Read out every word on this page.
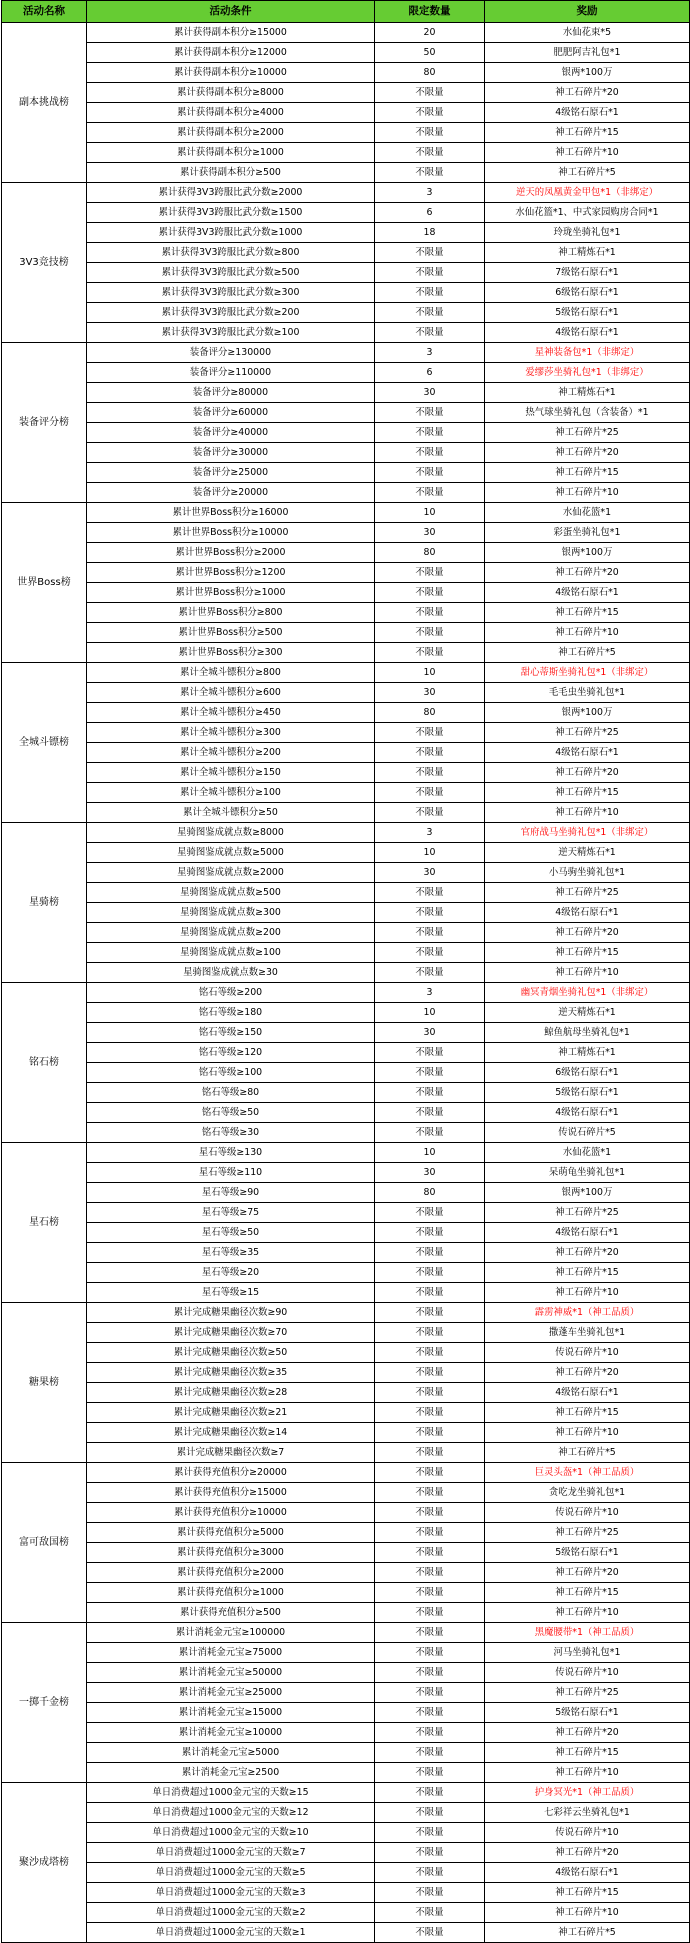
活动名称	活动条件	限定数量	奖励
副本挑战榜	累计获得副本积分≥15000	20	水仙花束*5
	累计获得副本积分≥12000	50	肥肥阿吉礼包*1
	累计获得副本积分≥10000	80	银两*100万
	累计获得副本积分≥8000	不限量	神工石碎片*20
	累计获得副本积分≥4000	不限量	4级铭石原石*1
	累计获得副本积分≥2000	不限量	神工石碎片*15
	累计获得副本积分≥1000	不限量	神工石碎片*10
	累计获得副本积分≥500	不限量	神工石碎片*5
3V3竞技榜	累计获得3V3跨服比武分数≥2000	3	逆天的凤凰黄金甲包*1（非绑定）
	累计获得3V3跨服比武分数≥1500	6	水仙花篮*1、中式家园购房合同*1
	累计获得3V3跨服比武分数≥1000	18	玲珑坐骑礼包*1
	累计获得3V3跨服比武分数≥800	不限量	神工精炼石*1
	累计获得3V3跨服比武分数≥500	不限量	7级铭石原石*1
	累计获得3V3跨服比武分数≥300	不限量	6级铭石原石*1
	累计获得3V3跨服比武分数≥200	不限量	5级铭石原石*1
	累计获得3V3跨服比武分数≥100	不限量	4级铭石原石*1
装备评分榜	装备评分≥130000	3	星神装备包*1（非绑定）
	装备评分≥110000	6	爱缪莎坐骑礼包*1（非绑定）
	装备评分≥80000	30	神工精炼石*1
	装备评分≥60000	不限量	热气球坐骑礼包（含装备）*1
	装备评分≥40000	不限量	神工石碎片*25
	装备评分≥30000	不限量	神工石碎片*20
	装备评分≥25000	不限量	神工石碎片*15
	装备评分≥20000	不限量	神工石碎片*10
世界Boss榜	累计世界Boss积分≥16000	10	水仙花篮*1
	累计世界Boss积分≥10000	30	彩蛋坐骑礼包*1
	累计世界Boss积分≥2000	80	银两*100万
	累计世界Boss积分≥1200	不限量	神工石碎片*20
	累计世界Boss积分≥1000	不限量	4级铭石原石*1
	累计世界Boss积分≥800	不限量	神工石碎片*15
	累计世界Boss积分≥500	不限量	神工石碎片*10
	累计世界Boss积分≥300	不限量	神工石碎片*5
全城斗镖榜	累计全城斗镖积分≥800	10	甜心蒂斯坐骑礼包*1（非绑定）
	累计全城斗镖积分≥600	30	毛毛虫坐骑礼包*1
	累计全城斗镖积分≥450	80	银两*100万
	累计全城斗镖积分≥300	不限量	神工石碎片*25
	累计全城斗镖积分≥200	不限量	4级铭石原石*1
	累计全城斗镖积分≥150	不限量	神工石碎片*20
	累计全城斗镖积分≥100	不限量	神工石碎片*15
	累计全城斗镖积分≥50	不限量	神工石碎片*10
星骑榜	星骑图鉴成就点数≥8000	3	官府战马坐骑礼包*1（非绑定）
	星骑图鉴成就点数≥5000	10	逆天精炼石*1
	星骑图鉴成就点数≥2000	30	小马驹坐骑礼包*1
	星骑图鉴成就点数≥500	不限量	神工石碎片*25
	星骑图鉴成就点数≥300	不限量	4级铭石原石*1
	星骑图鉴成就点数≥200	不限量	神工石碎片*20
	星骑图鉴成就点数≥100	不限量	神工石碎片*15
	星骑图鉴成就点数≥30	不限量	神工石碎片*10
铭石榜	铭石等级≥200	3	幽冥青烟坐骑礼包*1（非绑定）
	铭石等级≥180	10	逆天精炼石*1
	铭石等级≥150	30	鲸鱼航母坐骑礼包*1
	铭石等级≥120	不限量	神工精炼石*1
	铭石等级≥100	不限量	6级铭石原石*1
	铭石等级≥80	不限量	5级铭石原石*1
	铭石等级≥50	不限量	4级铭石原石*1
	铭石等级≥30	不限量	传说石碎片*5
星石榜	星石等级≥130	10	水仙花篮*1
	星石等级≥110	30	呆萌龟坐骑礼包*1
	星石等级≥90	80	银两*100万
	星石等级≥75	不限量	神工石碎片*25
	星石等级≥50	不限量	4级铭石原石*1
	星石等级≥35	不限量	神工石碎片*20
	星石等级≥20	不限量	神工石碎片*15
	星石等级≥15	不限量	神工石碎片*10
糖果榜	累计完成糖果幽径次数≥90	不限量	霹雳神威*1（神工品质）
	累计完成糖果幽径次数≥70	不限量	撒蓬车坐骑礼包*1
	累计完成糖果幽径次数≥50	不限量	传说石碎片*10
	累计完成糖果幽径次数≥35	不限量	神工石碎片*20
	累计完成糖果幽径次数≥28	不限量	4级铭石原石*1
	累计完成糖果幽径次数≥21	不限量	神工石碎片*15
	累计完成糖果幽径次数≥14	不限量	神工石碎片*10
	累计完成糖果幽径次数≥7	不限量	神工石碎片*5
富可敌国榜	累计获得充值积分≥20000	不限量	巨灵头盔*1（神工品质）
	累计获得充值积分≥15000	不限量	贪吃龙坐骑礼包*1
	累计获得充值积分≥10000	不限量	传说石碎片*10
	累计获得充值积分≥5000	不限量	神工石碎片*25
	累计获得充值积分≥3000	不限量	5级铭石原石*1
	累计获得充值积分≥2000	不限量	神工石碎片*20
	累计获得充值积分≥1000	不限量	神工石碎片*15
	累计获得充值积分≥500	不限量	神工石碎片*10
一掷千金榜	累计消耗金元宝≥100000	不限量	黑魔腰带*1（神工品质）
	累计消耗金元宝≥75000	不限量	河马坐骑礼包*1
	累计消耗金元宝≥50000	不限量	传说石碎片*10
	累计消耗金元宝≥25000	不限量	神工石碎片*25
	累计消耗金元宝≥15000	不限量	5级铭石原石*1
	累计消耗金元宝≥10000	不限量	神工石碎片*20
	累计消耗金元宝≥5000	不限量	神工石碎片*15
	累计消耗金元宝≥2500	不限量	神工石碎片*10
聚沙成塔榜	单日消费超过1000金元宝的天数≥15	不限量	护身冥光*1（神工品质）
	单日消费超过1000金元宝的天数≥12	不限量	七彩祥云坐骑礼包*1
	单日消费超过1000金元宝的天数≥10	不限量	传说石碎片*10
	单日消费超过1000金元宝的天数≥7	不限量	神工石碎片*20
	单日消费超过1000金元宝的天数≥5	不限量	4级铭石原石*1
	单日消费超过1000金元宝的天数≥3	不限量	神工石碎片*15
	单日消费超过1000金元宝的天数≥2	不限量	神工石碎片*10
	单日消费超过1000金元宝的天数≥1	不限量	神工石碎片*5
